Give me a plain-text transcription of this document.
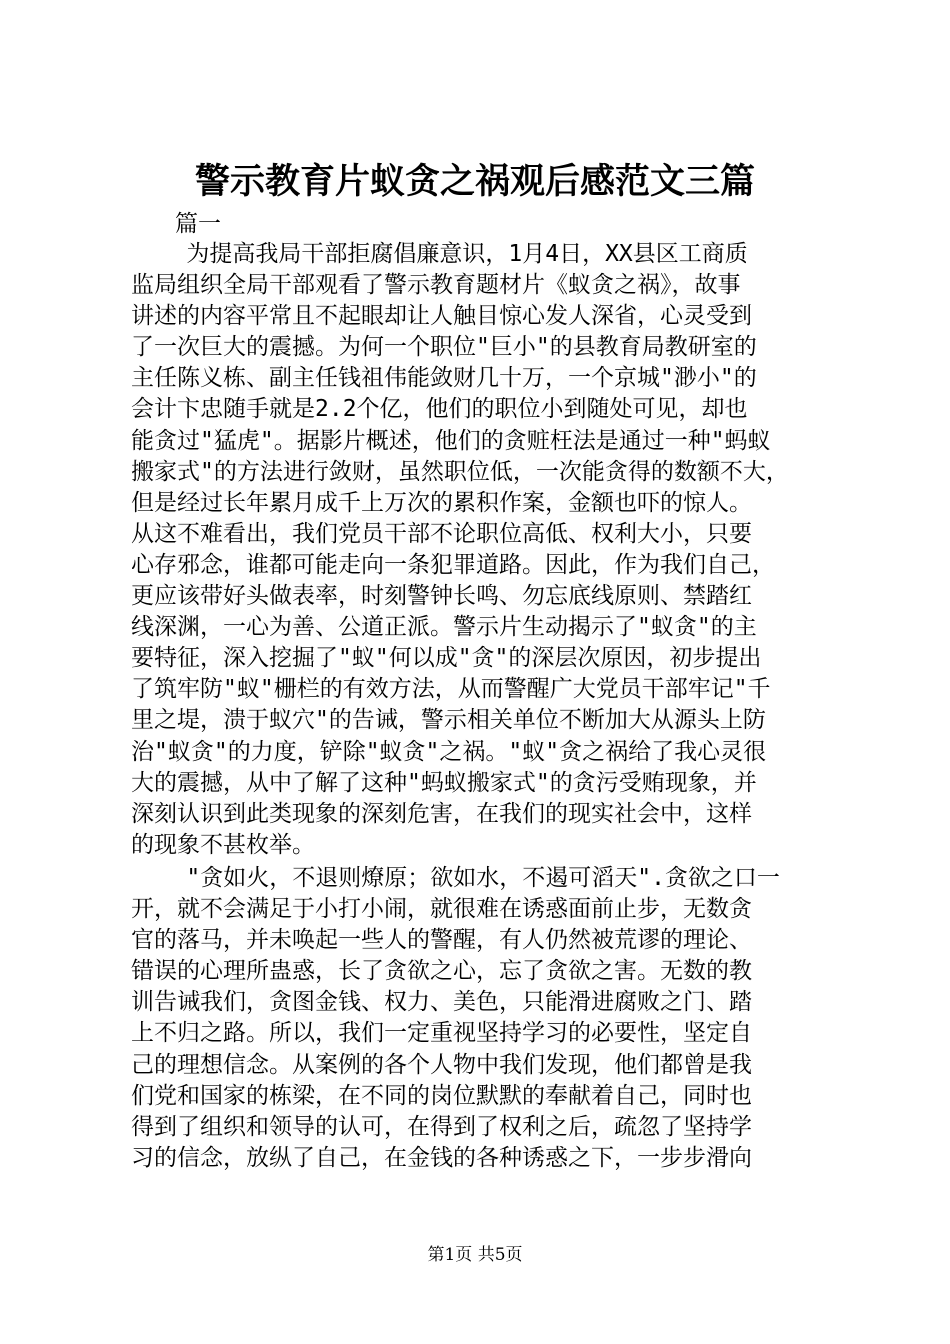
警示教育片蚁贪之祸观后感范文三篇
篇一
为提高我局干部拒腐倡廉意识，1月4日，XX县区工商质
监局组织全局干部观看了警示教育题材片《蚁贪之祸》，故事
讲述的内容平常且不起眼却让人触目惊心发人深省，心灵受到
了一次巨大的震撼。为何一个职位"巨小"的县教育局教研室的
主任陈义栋、副主任钱祖伟能敛财几十万，一个京城"渺小"的
会计卞忠随手就是2.2个亿，他们的职位小到随处可见，却也
能贪过"猛虎"。据影片概述，他们的贪赃枉法是通过一种"蚂蚁
搬家式"的方法进行敛财，虽然职位低，一次能贪得的数额不大，
但是经过长年累月成千上万次的累积作案，金额也吓的惊人。
从这不难看出，我们党员干部不论职位高低、权利大小，只要
心存邪念，谁都可能走向一条犯罪道路。因此，作为我们自己，
更应该带好头做表率，时刻警钟长鸣、勿忘底线原则、禁踏红
线深渊，一心为善、公道正派。警示片生动揭示了"蚁贪"的主
要特征，深入挖掘了"蚁"何以成"贪"的深层次原因，初步提出
了筑牢防"蚁"栅栏的有效方法，从而警醒广大党员干部牢记"千
里之堤，溃于蚁穴"的告诫，警示相关单位不断加大从源头上防
治"蚁贪"的力度，铲除"蚁贪"之祸。"蚁"贪之祸给了我心灵很
大的震撼，从中了解了这种"蚂蚁搬家式"的贪污受贿现象，并
深刻认识到此类现象的深刻危害，在我们的现实社会中，这样
的现象不甚枚举。
"贪如火，不退则燎原；欲如水，不遏可滔天".贪欲之口一
开，就不会满足于小打小闹，就很难在诱惑面前止步，无数贪
官的落马，并未唤起一些人的警醒，有人仍然被荒谬的理论、
错误的心理所蛊惑，长了贪欲之心，忘了贪欲之害。无数的教
训告诫我们，贪图金钱、权力、美色，只能滑进腐败之门、踏
上不归之路。所以，我们一定重视坚持学习的必要性，坚定自
己的理想信念。从案例的各个人物中我们发现，他们都曾是我
们党和国家的栋梁，在不同的岗位默默的奉献着自己，同时也
得到了组织和领导的认可，在得到了权利之后，疏忽了坚持学
习的信念，放纵了自己，在金钱的各种诱惑之下，一步步滑向
第1页 共5页
